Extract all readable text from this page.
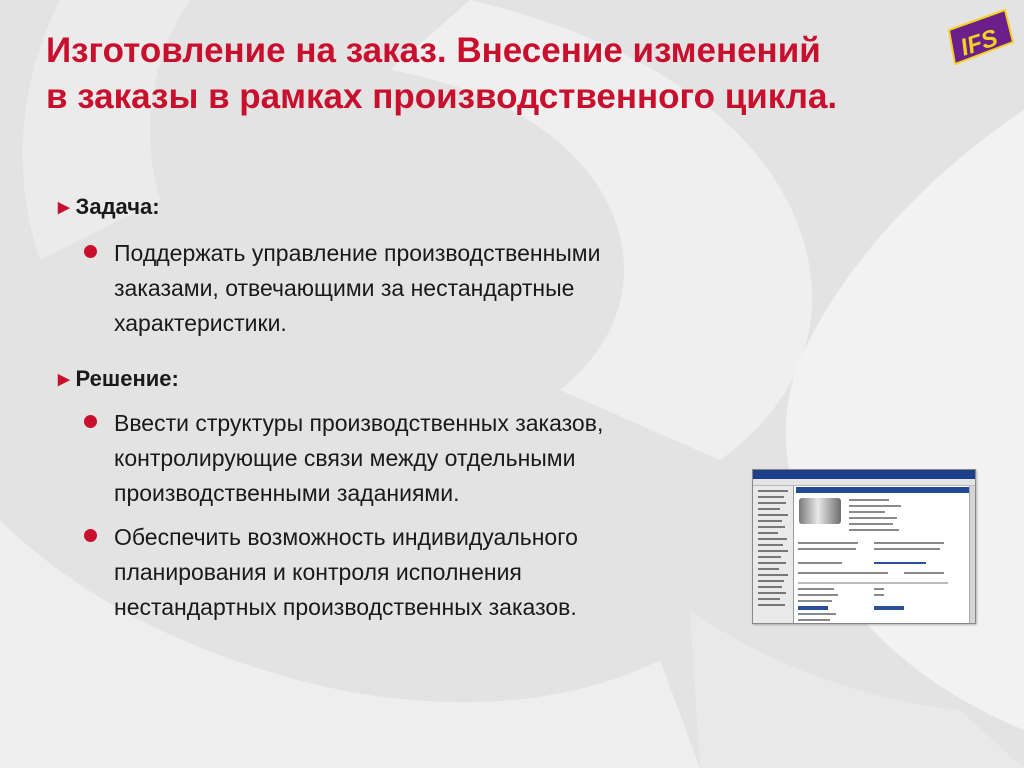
Изготовление на заказ. Внесение изменений
в заказы в рамках производственного цикла.
IFS
▶ Задача:
Поддержать управление производственными
заказами, отвечающими за нестандартные
характеристики.
▶ Решение:
Ввести структуры производственных заказов,
контролирующие связи между отдельными
производственными заданиями.
Обеспечить возможность индивидуального
планирования и контроля исполнения
нестандартных производственных заказов.
